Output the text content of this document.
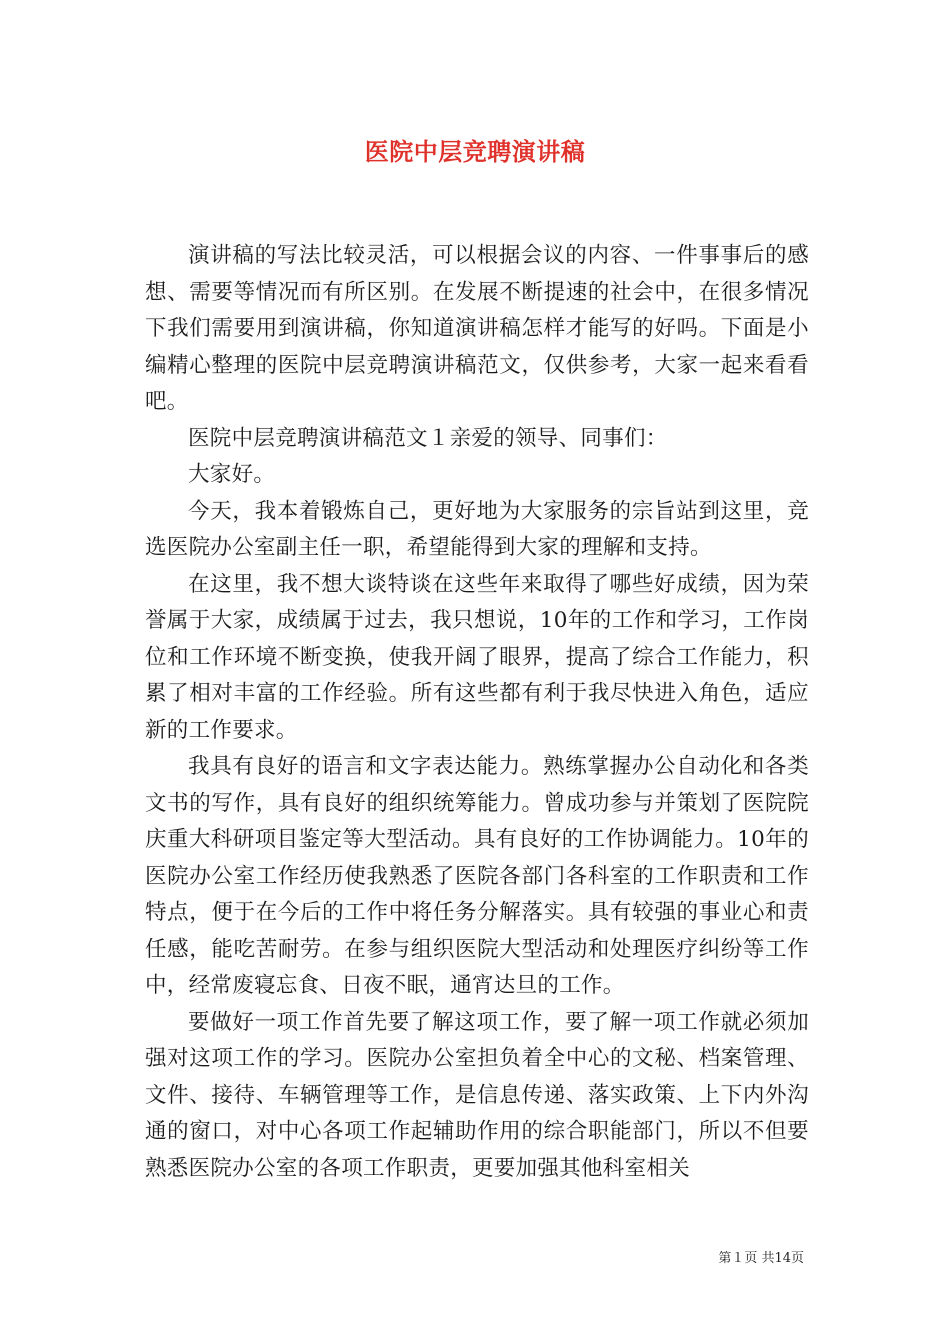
医院中层竞聘演讲稿

演讲稿的写法比较灵活，可以根据会议的内容、一件事事后的感想、需要等情况而有所区别。在发展不断提速的社会中，在很多情况下我们需要用到演讲稿，你知道演讲稿怎样才能写的好吗。下面是小编精心整理的医院中层竞聘演讲稿范文，仅供参考，大家一起来看看吧。

医院中层竞聘演讲稿范文１亲爱的领导、同事们：

大家好。

今天，我本着锻炼自己，更好地为大家服务的宗旨站到这里，竞选医院办公室副主任一职，希望能得到大家的理解和支持。

在这里，我不想大谈特谈在这些年来取得了哪些好成绩，因为荣誉属于大家，成绩属于过去，我只想说，10年的工作和学习，工作岗位和工作环境不断变换，使我开阔了眼界，提高了综合工作能力，积累了相对丰富的工作经验。所有这些都有利于我尽快进入角色，适应新的工作要求。

我具有良好的语言和文字表达能力。熟练掌握办公自动化和各类文书的写作，具有良好的组织统筹能力。曾成功参与并策划了医院院庆重大科研项目鉴定等大型活动。具有良好的工作协调能力。10年的医院办公室工作经历使我熟悉了医院各部门各科室的工作职责和工作特点，便于在今后的工作中将任务分解落实。具有较强的事业心和责任感，能吃苦耐劳。在参与组织医院大型活动和处理医疗纠纷等工作中，经常废寝忘食、日夜不眠，通宵达旦的工作。

要做好一项工作首先要了解这项工作，要了解一项工作就必须加强对这项工作的学习。医院办公室担负着全中心的文秘、档案管理、文件、接待、车辆管理等工作，是信息传递、落实政策、上下内外沟通的窗口，对中心各项工作起辅助作用的综合职能部门，所以不但要熟悉医院办公室的各项工作职责，更要加强其他科室相关

第１页 共14页
